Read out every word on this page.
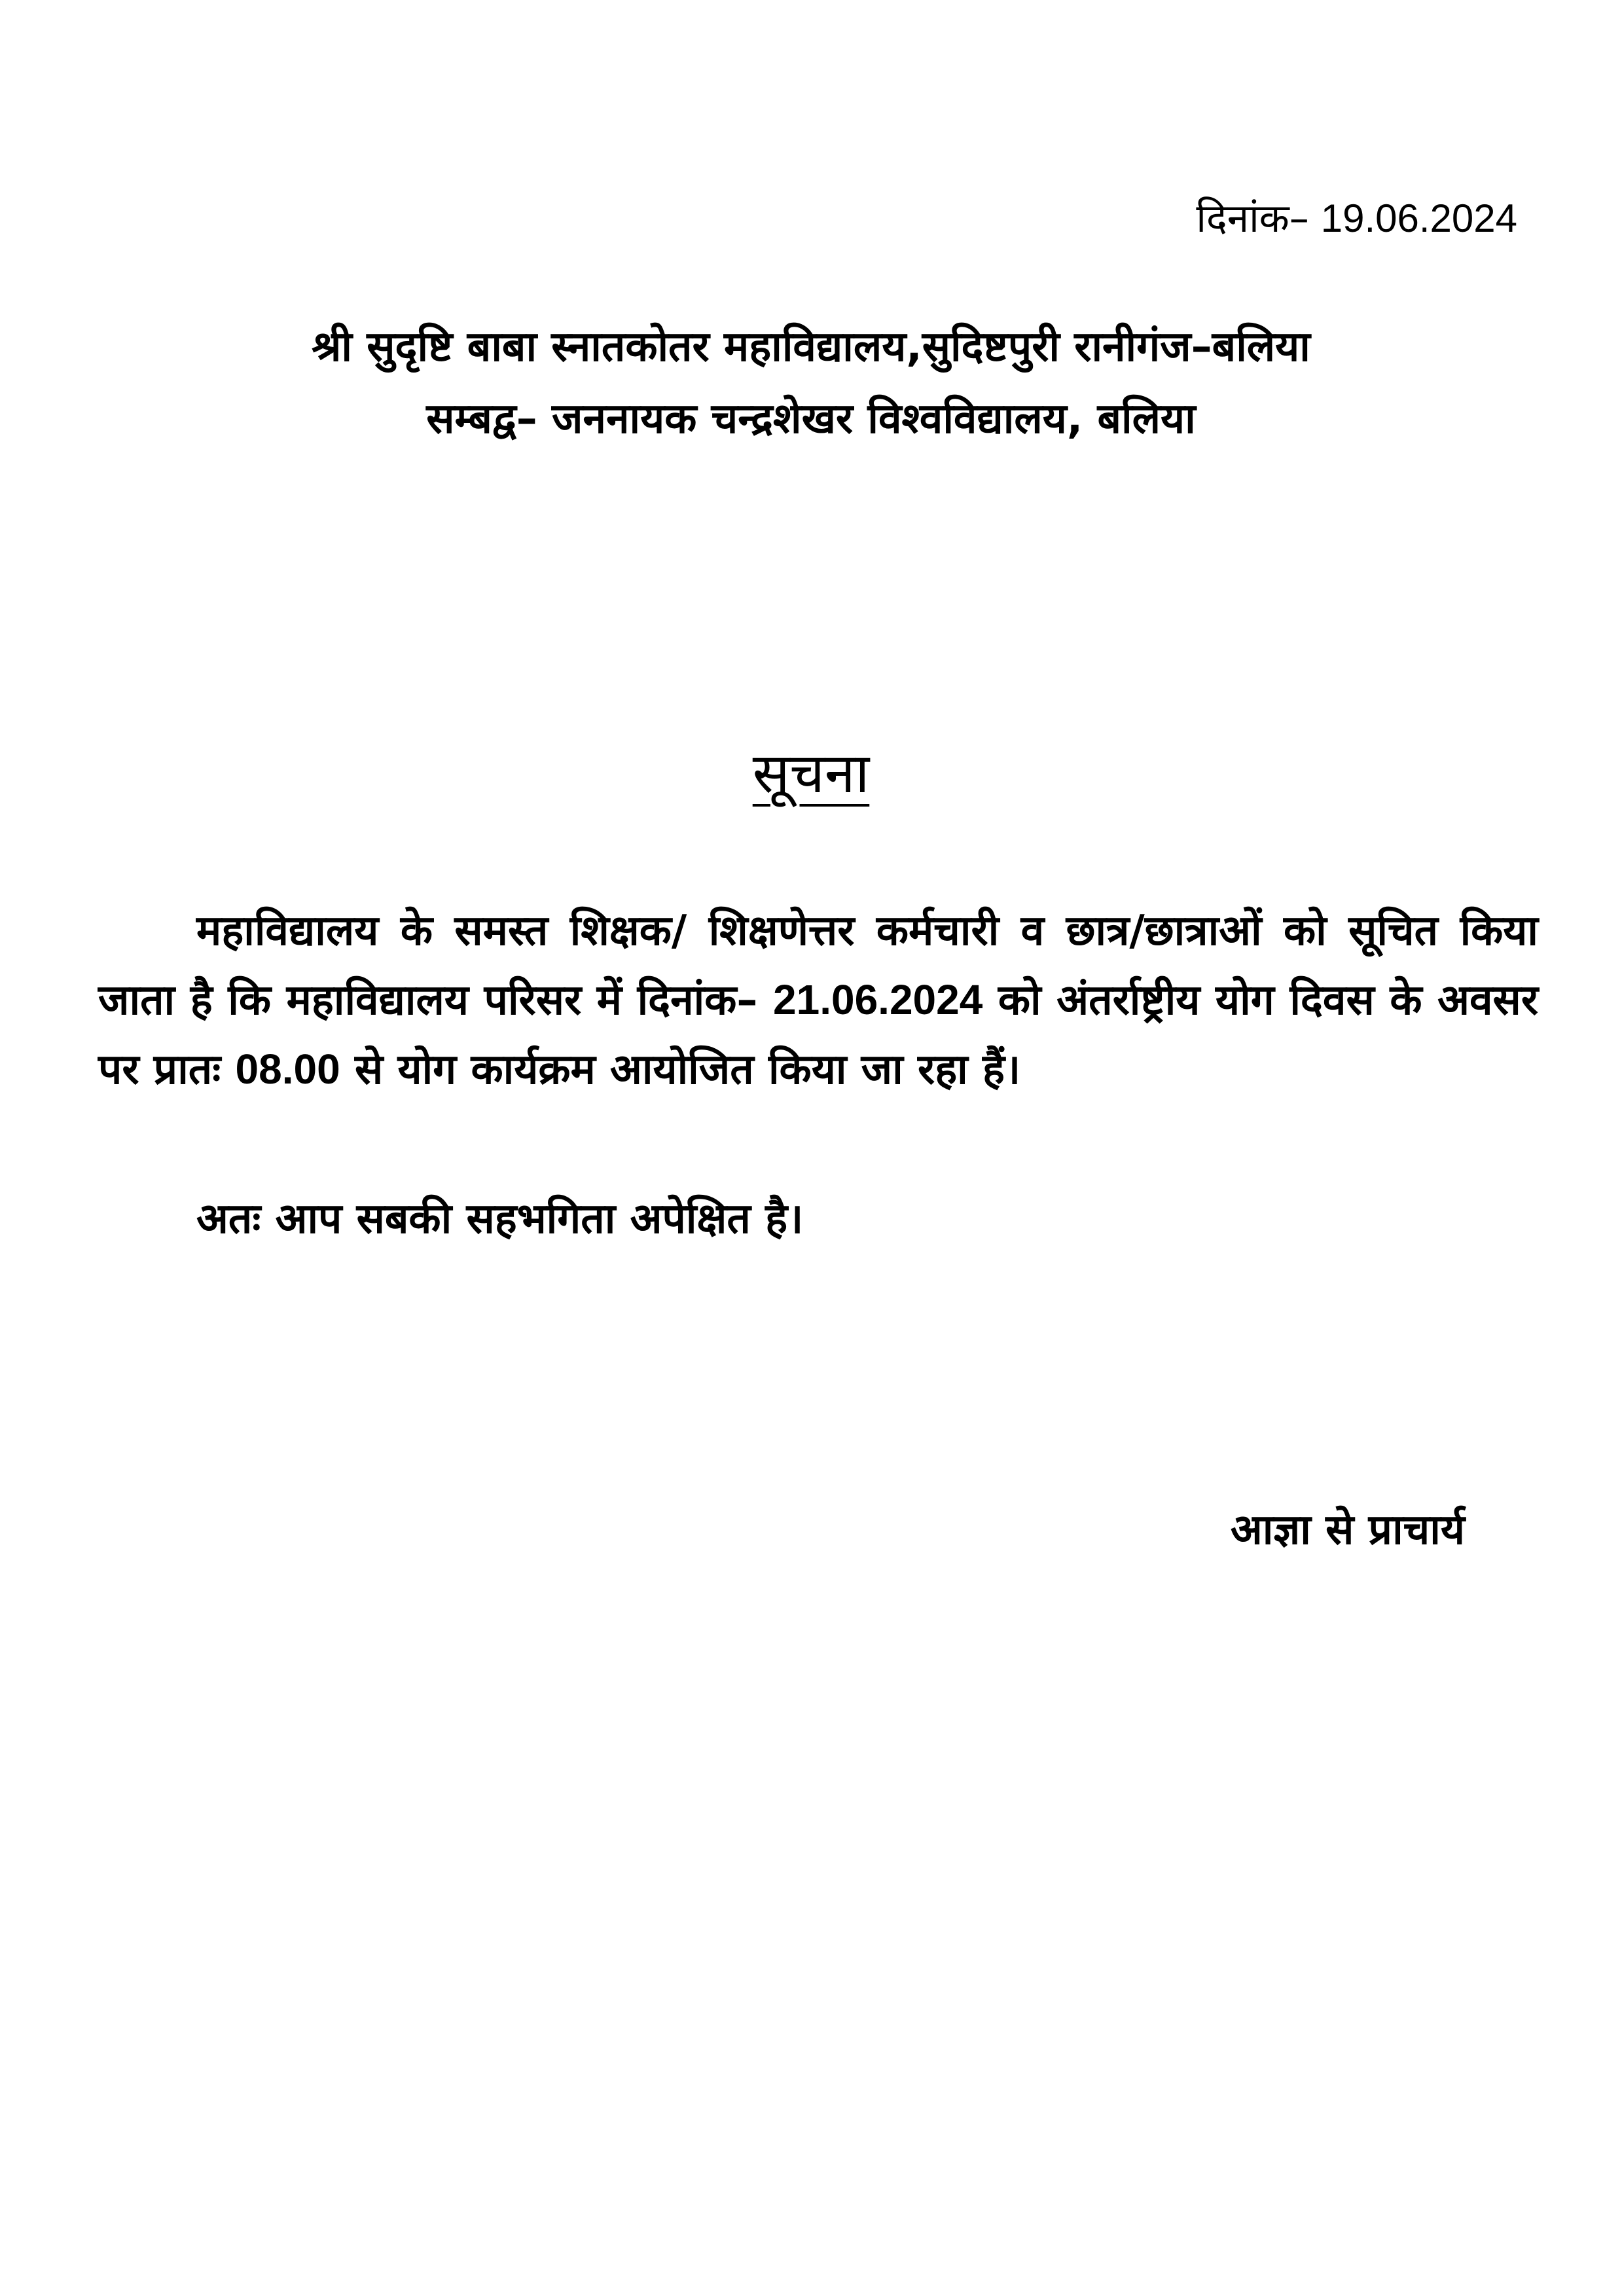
दिनांक– 19.06.2024
श्री सुदृष्टि बाबा स्नातकोतर महाविद्यालय,सुदिष्टपुरी रानीगंज–बलिया
सम्बद्व– जननायक चन्द्रशेखर विश्वविद्यालय, बलिया
सूचना

महाविद्यालय के समस्त शिक्षक/ शिक्षणेत्तर कर्मचारी व छात्र/छात्राओं को सूचित किया जाता है कि महाविद्यालय परिसर में दिनांक– 21.06.2024 को अंतर्राष्ट्रीय योग दिवस के अवसर पर प्रातः 08.00 से योग कार्यक्रम आयोजित किया जा रहा हैं।

अतः आप सबकी सहभगिता अपेक्षित है।
आज्ञा से प्राचार्य
